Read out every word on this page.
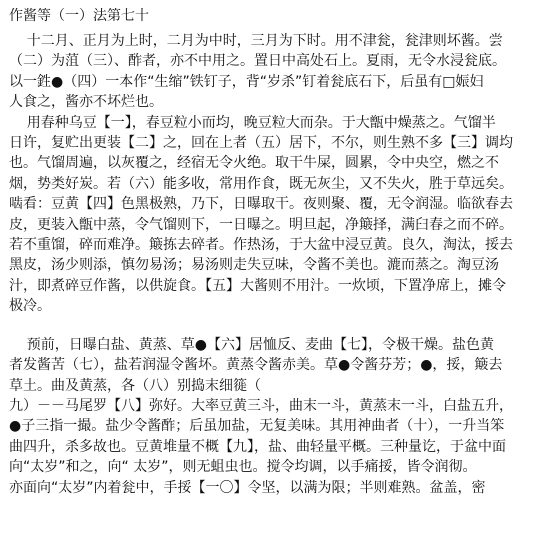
作酱等（一）法第七十
十二月、正月为上时，二月为中时，三月为下时。用不津瓮，瓮津则坏酱。尝
（二）为菹（三）、酢者，亦不中用之。置日中高处石上。夏雨，无令水浸瓮底。
以一鉎●（四）一本作“生缩”铁钉子，背“岁杀”钉着瓮底石下，后虽有□娠妇
人食之，酱亦不坏烂也。
用春种乌豆【一】，春豆粒小而均，晚豆粒大而杂。于大甑中燥蒸之。气馏半
日许，复贮出更装【二】之，回在上者（五）居下，不尔，则生熟不多【三】调均
也。气馏周遍，以灰覆之，经宿无令火绝。取干牛屎，圆累，令中央空，燃之不
烟，势类好炭。若（六）能多收，常用作食，既无灰尘，又不失火，胜于草远矣。
啮看：豆黄【四】色黑极熟，乃下，日曝取干。夜则聚、覆，无令润湿。临欲春去
皮，更装入甑中蒸，令气馏则下，一日曝之。明旦起，净簸择，满臼春之而不碎。
若不重馏，碎而难净。簸拣去碎者。作热汤，于大盆中浸豆黄。良久，淘汰，挼去
黑皮，汤少则添，慎勿易汤；易汤则走失豆味，令酱不美也。漉而蒸之。淘豆汤
汁，即煮碎豆作酱，以供旋食。【五】大酱则不用汁。一炊顷，下置净席上，摊令
极冷。
预前，日曝白盐、黄蒸、草●【六】居恤反、麦曲【七】，令极干燥。盐色黄
者发酱苦（七），盐若润湿令酱坏。黄蒸令酱赤美。草●令酱芬芳；●，挼，簸去
草土。曲及黄蒸，各（八）别捣末细簁（
九）－－马尾罗【八】弥好。大率豆黄三斗，曲末一斗，黄蒸末一斗，白盐五升，
●子三指一撮。盐少令酱酢；后虽加盐，无复美味。其用神曲者（十），一升当笨
曲四升，杀多故也。豆黄堆量不概【九】，盐、曲轻量平概。三种量讫，于盆中面
向“太岁”和之，向“ 太岁”，则无蛆虫也。搅令均调，以手痛挼，皆令润彻。
亦面向“太岁”内着瓮中，手挼【一〇】令坚，以满为限；半则难熟。盆盖，密
